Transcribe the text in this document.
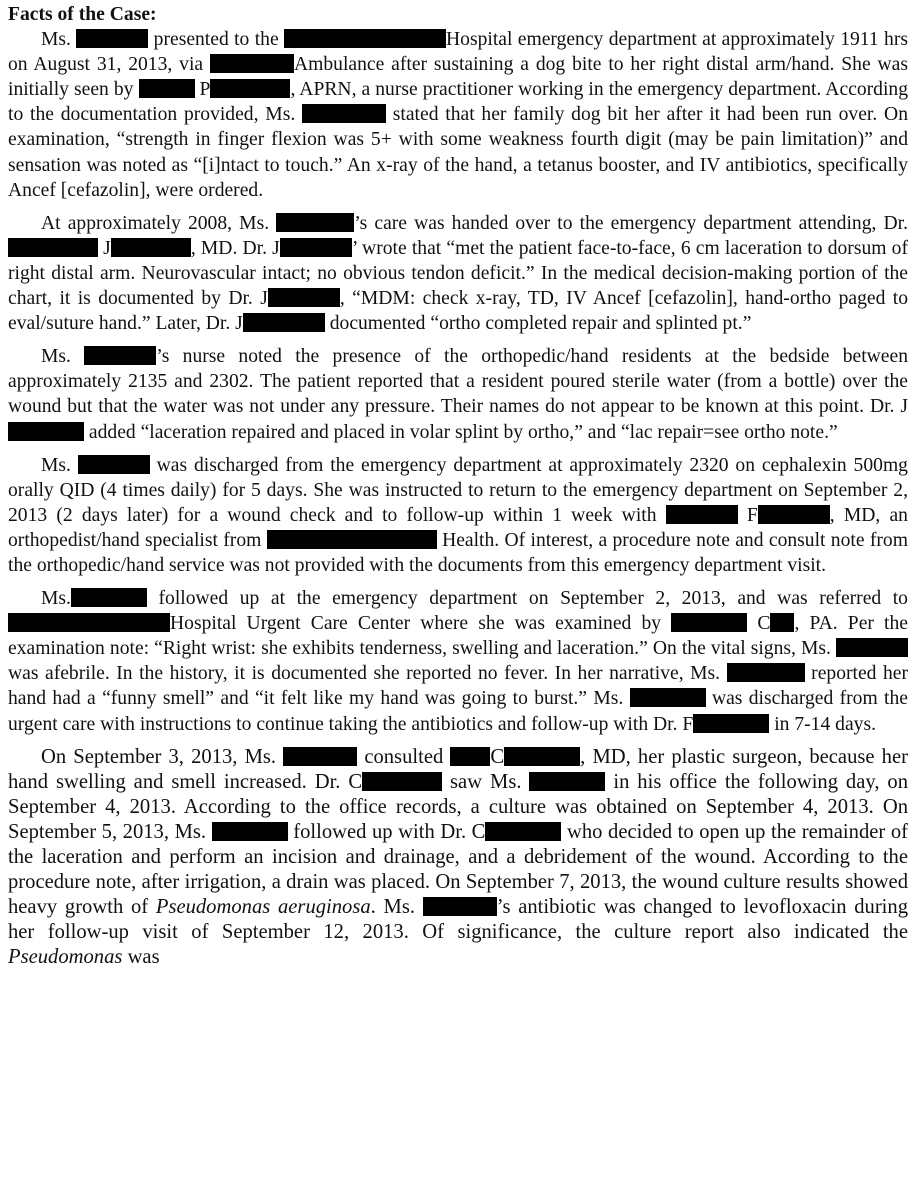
Facts of the Case:

Ms.	presented to the	Hospital emergency department at approximately 1911 hrs on August 31, 2013, via	Ambulance after sustaining a dog bite to her right distal arm/hand. She was initially seen by	P	, APRN, a nurse practitioner working in the emergency department. According to the documentation provided, Ms.	stated that her family dog bit her after it had been run over. On examination, “strength in finger flexion was 5+ with some weakness fourth digit (may be pain limitation)” and sensation was noted as “[i]ntact to touch.” An x-ray of the hand, a tetanus booster, and IV antibiotics, specifically Ancef [cefazolin], were ordered.

At approximately 2008, Ms.	’s care was handed over to the emergency department attending, Dr.  J	, MD. Dr. J	’ wrote that “met the patient face-to-face, 6 cm laceration to dorsum of right distal arm. Neurovascular intact; no obvious tendon deficit.” In the medical decision-making portion of the chart, it is documented by Dr. J	, “MDM: check x-ray, TD, IV Ancef [cefazolin], hand-ortho paged to eval/suture hand.” Later, Dr. J	documented “ortho completed repair and splinted pt.”

Ms.	’s nurse noted the presence of the orthopedic/hand residents at the bedside between approximately 2135 and 2302. The patient reported that a resident poured sterile water (from a bottle) over the wound but that the water was not under any pressure. Their names do not appear to be known at this point. Dr. J added “laceration repaired and placed in volar splint by ortho,” and “lac repair=see ortho note.”

Ms.	was discharged from the emergency department at approximately 2320 on cephalexin 500mg orally QID (4 times daily) for 5 days. She was instructed to return to the emergency department on September 2, 2013 (2 days later) for a wound check and to follow-up within 1 week with	F	, MD, an orthopedist/hand specialist from	Health. Of interest, a procedure note and consult note from the orthopedic/hand service was not provided with the documents from this emergency department visit.

Ms.	followed up at the emergency department on September 2, 2013, and was referred to Hospital Urgent Care Center where she was examined by	C , PA. Per the examination note: “Right wrist: she exhibits tenderness, swelling and laceration.” On the vital signs, Ms.  was afebrile. In the history, it is documented she reported no fever. In her narrative, Ms.	reported her hand had a “funny smell” and “it felt like my hand was going to burst.” Ms.	was discharged from the urgent care with instructions to continue taking the antibiotics and follow-up with Dr. F	in 7-14 days.

On September 3, 2013, Ms.	consulted C	, MD, her plastic surgeon, because her hand swelling and smell increased. Dr. C	saw Ms.	in his office the following day, on September 4, 2013. According to the office records, a culture was obtained on September 4, 2013. On September 5, 2013, Ms.	followed up with Dr. C	who decided to open up the remainder of the laceration and perform an incision and drainage, and a debridement of the wound. According to the procedure note, after irrigation, a drain was placed. On September 7, 2013, the wound culture results showed heavy growth of Pseudomonas aeruginosa. Ms.	’s antibiotic was changed to levofloxacin during her follow-up visit of September 12, 2013. Of significance, the culture report also indicated the Pseudomonas was
